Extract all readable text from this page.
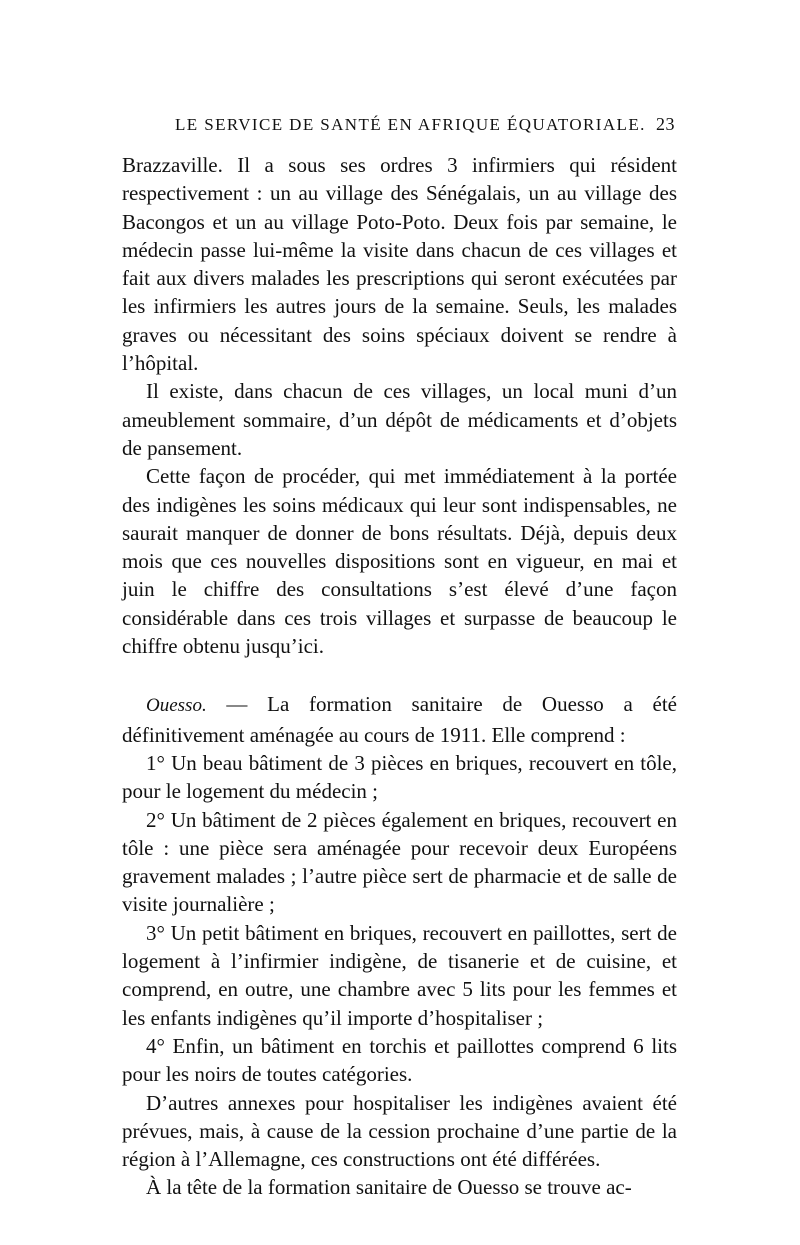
LE SERVICE DE SANTÉ EN AFRIQUE ÉQUATORIALE. 23

Brazzaville. Il a sous ses ordres 3 infirmiers qui résident respectivement : un au village des Sénégalais, un au village des Bacongos et un au village Poto-Poto. Deux fois par semaine, le médecin passe lui-même la visite dans chacun de ces villages et fait aux divers malades les prescriptions qui seront exécutées par les infirmiers les autres jours de la semaine. Seuls, les malades graves ou nécessitant des soins spéciaux doivent se rendre à l’hôpital.

Il existe, dans chacun de ces villages, un local muni d’un ameublement sommaire, d’un dépôt de médicaments et d’objets de pansement.

Cette façon de procéder, qui met immédiatement à la portée des indigènes les soins médicaux qui leur sont indispensables, ne saurait manquer de donner de bons résultats. Déjà, depuis deux mois que ces nouvelles dispositions sont en vigueur, en mai et juin le chiffre des consultations s’est élevé d’une façon considérable dans ces trois villages et surpasse de beaucoup le chiffre obtenu jusqu’ici.

Ouesso. — La formation sanitaire de Ouesso a été définitivement aménagée au cours de 1911. Elle comprend :

1° Un beau bâtiment de 3 pièces en briques, recouvert en tôle, pour le logement du médecin ;

2° Un bâtiment de 2 pièces également en briques, recouvert en tôle : une pièce sera aménagée pour recevoir deux Européens gravement malades ; l’autre pièce sert de pharmacie et de salle de visite journalière ;

3° Un petit bâtiment en briques, recouvert en paillottes, sert de logement à l’infirmier indigène, de tisanerie et de cuisine, et comprend, en outre, une chambre avec 5 lits pour les femmes et les enfants indigènes qu’il importe d’hospitaliser ;

4° Enfin, un bâtiment en torchis et paillottes comprend 6 lits pour les noirs de toutes catégories.

D’autres annexes pour hospitaliser les indigènes avaient été prévues, mais, à cause de la cession prochaine d’une partie de la région à l’Allemagne, ces constructions ont été différées.

À la tête de la formation sanitaire de Ouesso se trouve ac-
